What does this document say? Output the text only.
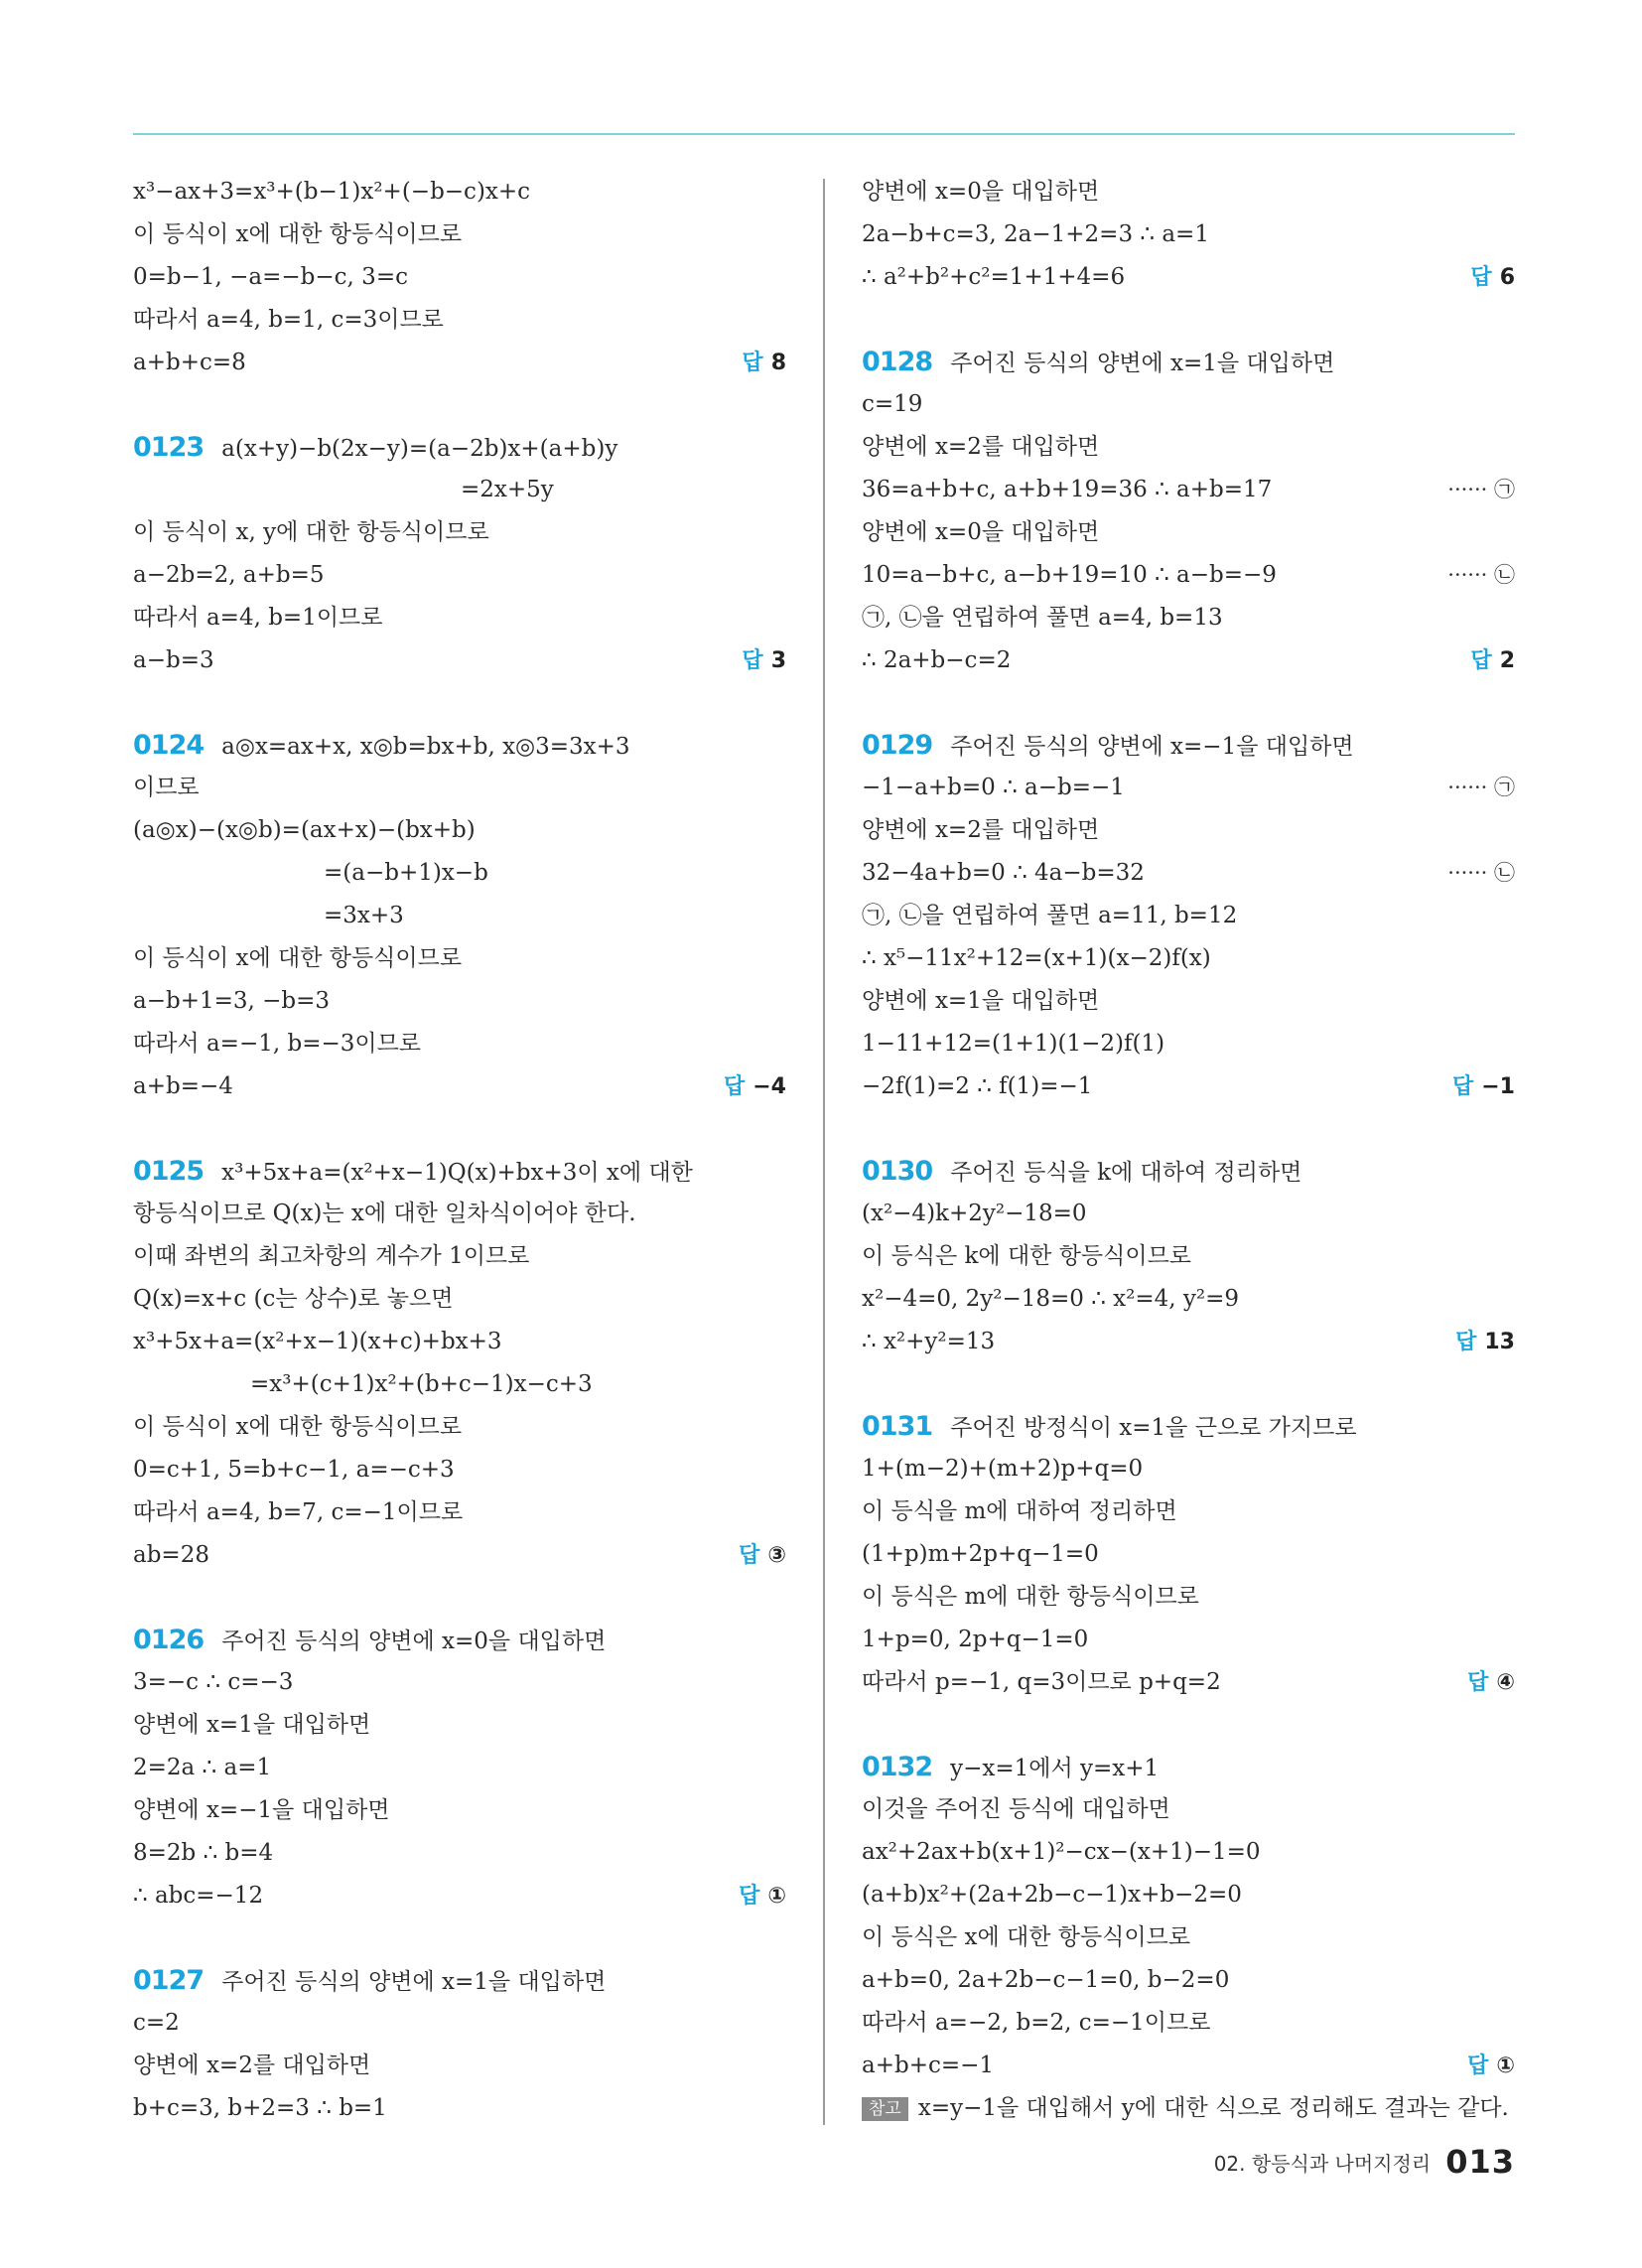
x³−ax+3=x³+(b−1)x²+(−b−c)x+c
이 등식이 x에 대한 항등식이므로
0=b−1, −a=−b−c, 3=c
따라서 a=4, b=1, c=3이므로
a+b+c=8	답 8
0123 a(x+y)−b(2x−y)=(a−2b)x+(a+b)y
=2x+5y
이 등식이 x, y에 대한 항등식이므로
a−2b=2, a+b=5
따라서 a=4, b=1이므로
a−b=3	답 3
0124 a◎x=ax+x, x◎b=bx+b, x◎3=3x+3
이므로
(a◎x)−(x◎b)=(ax+x)−(bx+b)
=(a−b+1)x−b
=3x+3
이 등식이 x에 대한 항등식이므로
a−b+1=3, −b=3
따라서 a=−1, b=−3이므로
a+b=−4	답 −4
0125 x³+5x+a=(x²+x−1)Q(x)+bx+3이 x에 대한
항등식이므로 Q(x)는 x에 대한 일차식이어야 한다.
이때 좌변의 최고차항의 계수가 1이므로
Q(x)=x+c (c는 상수)로 놓으면
x³+5x+a=(x²+x−1)(x+c)+bx+3
=x³+(c+1)x²+(b+c−1)x−c+3
이 등식이 x에 대한 항등식이므로
0=c+1, 5=b+c−1, a=−c+3
따라서 a=4, b=7, c=−1이므로
ab=28	답 ③
0126 주어진 등식의 양변에 x=0을 대입하면
3=−c ∴ c=−3
양변에 x=1을 대입하면
2=2a ∴ a=1
양변에 x=−1을 대입하면
8=2b ∴ b=4
∴ abc=−12	답 ①
0127 주어진 등식의 양변에 x=1을 대입하면
c=2
양변에 x=2를 대입하면
b+c=3, b+2=3 ∴ b=1
양변에 x=0을 대입하면
2a−b+c=3, 2a−1+2=3 ∴ a=1
∴ a²+b²+c²=1+1+4=6	답 6
0128 주어진 등식의 양변에 x=1을 대입하면
c=19
양변에 x=2를 대입하면
36=a+b+c, a+b+19=36 ∴ a+b=17	······ ㉠
양변에 x=0을 대입하면
10=a−b+c, a−b+19=10 ∴ a−b=−9	······ ㉡
㉠, ㉡을 연립하여 풀면 a=4, b=13
∴ 2a+b−c=2	답 2
0129 주어진 등식의 양변에 x=−1을 대입하면
−1−a+b=0 ∴ a−b=−1	······ ㉠
양변에 x=2를 대입하면
32−4a+b=0 ∴ 4a−b=32	······ ㉡
㉠, ㉡을 연립하여 풀면 a=11, b=12
∴ x⁵−11x²+12=(x+1)(x−2)f(x)
양변에 x=1을 대입하면
1−11+12=(1+1)(1−2)f(1)
−2f(1)=2 ∴ f(1)=−1	답 −1
0130 주어진 등식을 k에 대하여 정리하면
(x²−4)k+2y²−18=0
이 등식은 k에 대한 항등식이므로
x²−4=0, 2y²−18=0 ∴ x²=4, y²=9
∴ x²+y²=13	답 13
0131 주어진 방정식이 x=1을 근으로 가지므로
1+(m−2)+(m+2)p+q=0
이 등식을 m에 대하여 정리하면
(1+p)m+2p+q−1=0
이 등식은 m에 대한 항등식이므로
1+p=0, 2p+q−1=0
따라서 p=−1, q=3이므로 p+q=2	답 ④
0132 y−x=1에서 y=x+1
이것을 주어진 등식에 대입하면
ax²+2ax+b(x+1)²−cx−(x+1)−1=0
(a+b)x²+(2a+2b−c−1)x+b−2=0
이 등식은 x에 대한 항등식이므로
a+b=0, 2a+2b−c−1=0, b−2=0
따라서 a=−2, b=2, c=−1이므로
a+b+c=−1	답 ①
참고 x=y−1을 대입해서 y에 대한 식으로 정리해도 결과는 같다.
02. 항등식과 나머지정리 013
